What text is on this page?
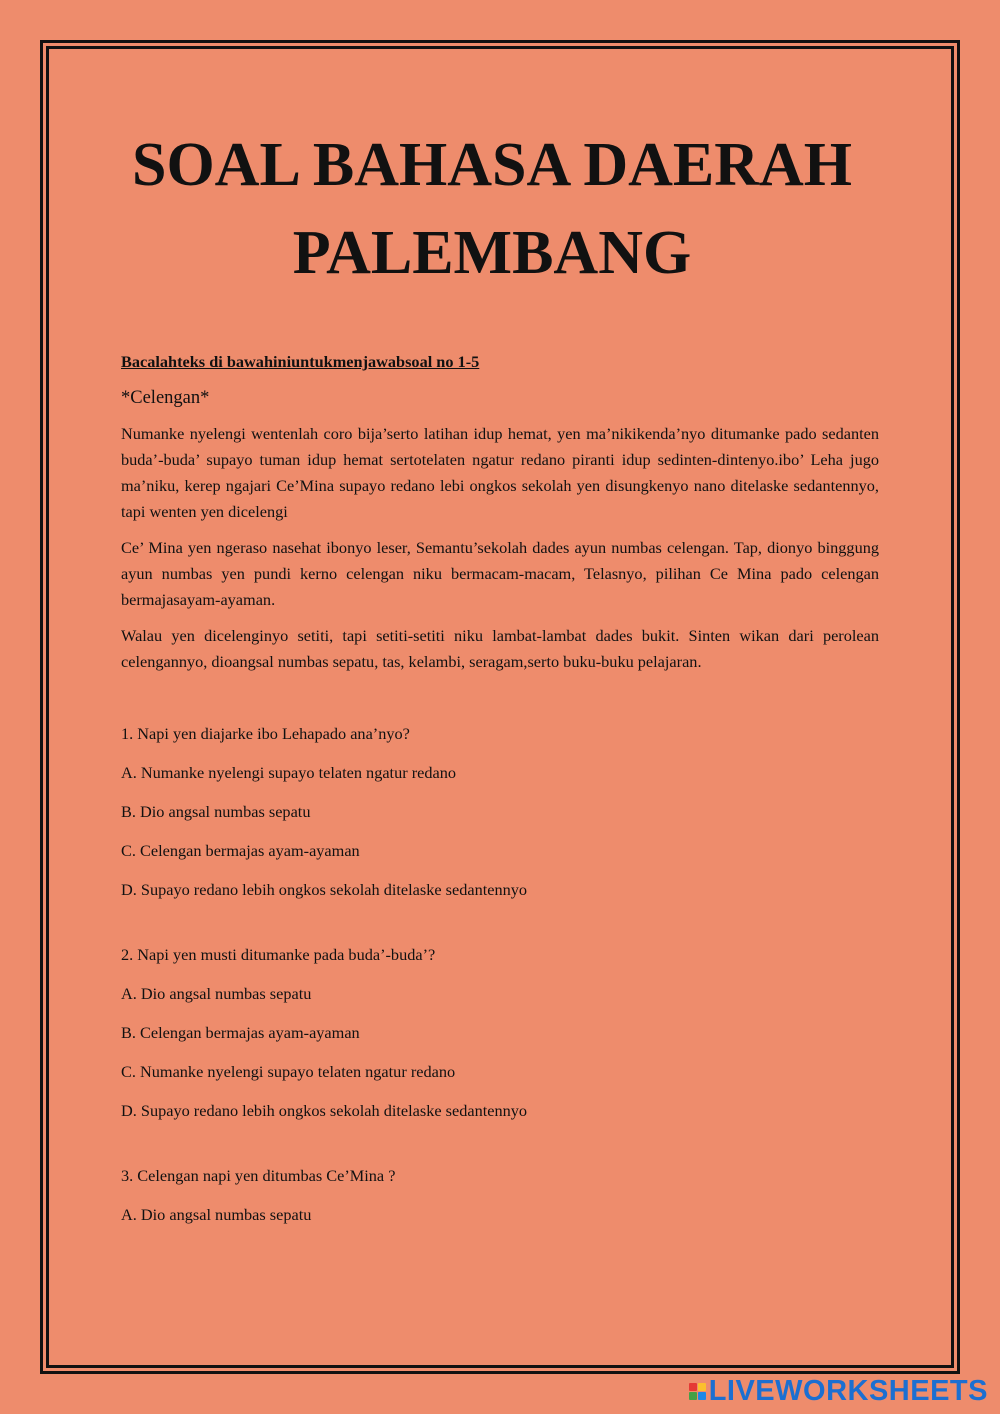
SOAL BAHASA DAERAH
PALEMBANG

Bacalahteks di bawahiniuntukmenjawabsoal no 1-5

*Celengan*

Numanke nyelengi wentenlah coro bija’serto latihan idup hemat, yen ma’nikikenda’nyo ditumanke pado sedanten buda’-buda’ supayo tuman idup hemat sertotelaten ngatur redano piranti idup sedinten-dintenyo.ibo’ Leha jugo ma’niku, kerep ngajari Ce’Mina supayo redano lebi ongkos sekolah yen disungkenyo nano ditelaske sedantennyo, tapi wenten yen dicelengi

Ce’ Mina yen ngeraso nasehat ibonyo leser, Semantu’sekolah dades ayun numbas celengan. Tap, dionyo binggung ayun numbas yen pundi kerno celengan niku bermacam-macam, Telasnyo, pilihan Ce Mina pado celengan bermajasayam-ayaman.

Walau yen dicelenginyo setiti, tapi setiti-setiti niku lambat-lambat dades bukit. Sinten wikan dari perolean celengannyo, dioangsal numbas sepatu, tas, kelambi, seragam,serto buku-buku pelajaran.

1. Napi yen diajarke ibo Lehapado ana’nyo?

A. Numanke nyelengi supayo telaten ngatur redano

B. Dio angsal numbas sepatu

C. Celengan bermajas ayam-ayaman

D. Supayo redano lebih ongkos sekolah ditelaske sedantennyo

2. Napi yen musti ditumanke pada buda’-buda’?

A. Dio angsal numbas sepatu

B. Celengan bermajas ayam-ayaman

C. Numanke nyelengi supayo telaten ngatur redano

D. Supayo redano lebih ongkos sekolah ditelaske sedantennyo

3. Celengan napi yen ditumbas Ce’Mina ?

A. Dio angsal numbas sepatu

LIVEWORKSHEETS
